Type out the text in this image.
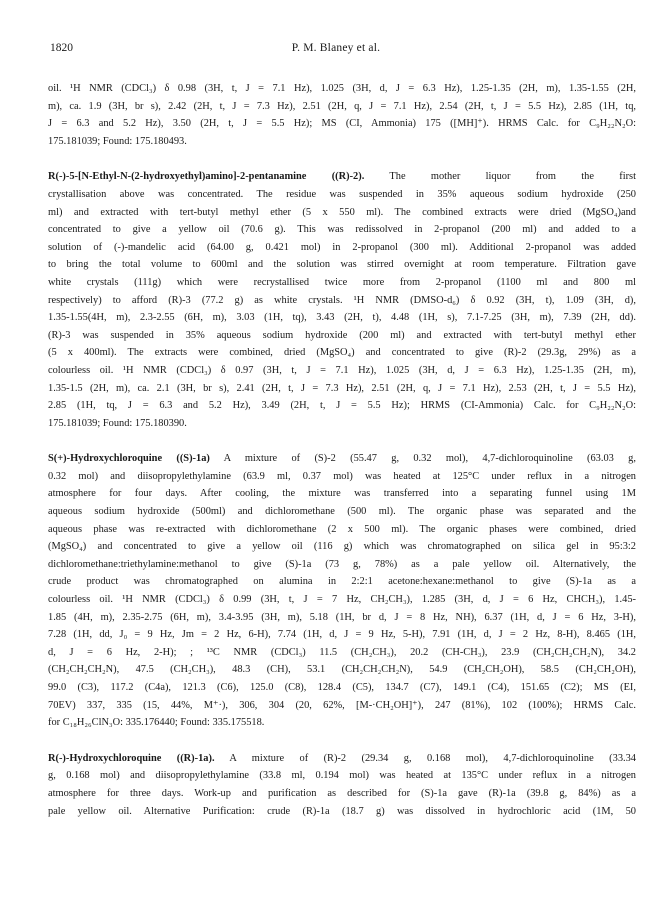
1820	P. M. Blaney et al.
oil. ¹H NMR (CDCl₃) δ 0.98 (3H, t, J = 7.1 Hz), 1.025 (3H, d, J = 6.3 Hz), 1.25-1.35 (2H, m), 1.35-1.55 (2H,
m), ca. 1.9 (3H, br s), 2.42 (2H, t, J = 7.3 Hz), 2.51 (2H, q, J = 7.1 Hz), 2.54 (2H, t, J = 5.5 Hz), 2.85 (1H, tq,
J = 6.3 and 5.2 Hz), 3.50 (2H, t, J = 5.5 Hz); MS (CI, Ammonia) 175 ([MH]⁺). HRMS Calc. for C₉H₂₂N₂O:
175.181039; Found: 175.180493.
R(-)-5-[N-Ethyl-N-(2-hydroxyethyl)amino]-2-pentanamine ((R)-2). The mother liquor from the first
crystallisation above was concentrated. The residue was suspended in 35% aqueous sodium hydroxide (250
ml) and extracted with tert-butyl methyl ether (5 x 550 ml). The combined extracts were dried (MgSO₄)and
concentrated to give a yellow oil (70.6 g). This was redissolved in 2-propanol (200 ml) and added to a
solution of (-)-mandelic acid (64.00 g, 0.421 mol) in 2-propanol (300 ml). Additional 2-propanol was added
to bring the total volume to 600ml and the solution was stirred overnight at room temperature. Filtration gave
white crystals (111g) which were recrystallised twice more from 2-propanol (1100 ml and 800 ml
respectively) to afford (R)-3 (77.2 g) as white crystals. ¹H NMR (DMSO-d₆) δ 0.92 (3H, t), 1.09 (3H, d),
1.35-1.55(4H, m), 2.3-2.55 (6H, m), 3.03 (1H, tq), 3.43 (2H, t), 4.48 (1H, s), 7.1-7.25 (3H, m), 7.39 (2H, dd).
(R)-3 was suspended in 35% aqueous sodium hydroxide (200 ml) and extracted with tert-butyl methyl ether
(5 x 400ml). The extracts were combined, dried (MgSO₄) and concentrated to give (R)-2 (29.3g, 29%) as a
colourless oil. ¹H NMR (CDCl₃) δ 0.97 (3H, t, J = 7.1 Hz), 1.025 (3H, d, J = 6.3 Hz), 1.25-1.35 (2H, m),
1.35-1.5 (2H, m), ca. 2.1 (3H, br s), 2.41 (2H, t, J = 7.3 Hz), 2.51 (2H, q, J = 7.1 Hz), 2.53 (2H, t, J = 5.5 Hz),
2.85 (1H, tq, J = 6.3 and 5.2 Hz), 3.49 (2H, t, J = 5.5 Hz); HRMS (CI-Ammonia) Calc. for C₉H₂₂N₂O:
175.181039; Found: 175.180390.
S(+)-Hydroxychloroquine ((S)-1a) A mixture of (S)-2 (55.47 g, 0.32 mol), 4,7-dichloroquinoline (63.03 g,
0.32 mol) and diisopropylethylamine (63.9 ml, 0.37 mol) was heated at 125°C under reflux in a nitrogen
atmosphere for four days. After cooling, the mixture was transferred into a separating funnel using 1M
aqueous sodium hydroxide (500ml) and dichloromethane (500 ml). The organic phase was separated and the
aqueous phase was re-extracted with dichloromethane (2 x 500 ml). The organic phases were combined, dried
(MgSO₄) and concentrated to give a yellow oil (116 g) which was chromatographed on silica gel in 95:3:2
dichloromethane:triethylamine:methanol to give (S)-1a (73 g, 78%) as a pale yellow oil. Alternatively, the
crude product was chromatographed on alumina in 2:2:1 acetone:hexane:methanol to give (S)-1a as a
colourless oil. ¹H NMR (CDCl₃) δ 0.99 (3H, t, J = 7 Hz, CH₂CH₃), 1.285 (3H, d, J = 6 Hz, CHCH₃), 1.45-
1.85 (4H, m), 2.35-2.75 (6H, m), 3.4-3.95 (3H, m), 5.18 (1H, br d, J = 8 Hz, NH), 6.37 (1H, d, J = 6 Hz, 3-H),
7.28 (1H, dd, J₀ = 9 Hz, Jm = 2 Hz, 6-H), 7.74 (1H, d, J = 9 Hz, 5-H), 7.91 (1H, d, J = 2 Hz, 8-H), 8.465 (1H,
d, J = 6 Hz, 2-H); ; ¹³C NMR (CDCl₃) 11.5 (CH₂CH₃), 20.2 (CH-CH₃), 23.9 (CH₂CH₂CH₂N), 34.2
(CH₂CH₂CH₂N), 47.5 (CH₂CH₃), 48.3 (CH), 53.1 (CH₂CH₂CH₂N), 54.9 (CH₂CH₂OH), 58.5 (CH₂CH₂OH),
99.0 (C3), 117.2 (C4a), 121.3 (C6), 125.0 (C8), 128.4 (C5), 134.7 (C7), 149.1 (C4), 151.65 (C2); MS (EI,
70EV) 337, 335 (15, 44%, M⁺·), 306, 304 (20, 62%, [M-·CH₂OH]⁺), 247 (81%), 102 (100%); HRMS Calc.
for C₁₈H₂₆ClN₃O: 335.176440; Found: 335.175518.
R(-)-Hydroxychloroquine ((R)-1a). A mixture of (R)-2 (29.34 g, 0.168 mol), 4,7-dichloroquinoline (33.34
g, 0.168 mol) and diisopropylethylamine (33.8 ml, 0.194 mol) was heated at 135°C under reflux in a nitrogen
atmosphere for three days. Work-up and purification as described for (S)-1a gave (R)-1a (39.8 g, 84%) as a
pale yellow oil. Alternative Purification: crude (R)-1a (18.7 g) was dissolved in hydrochloric acid (1M, 50
